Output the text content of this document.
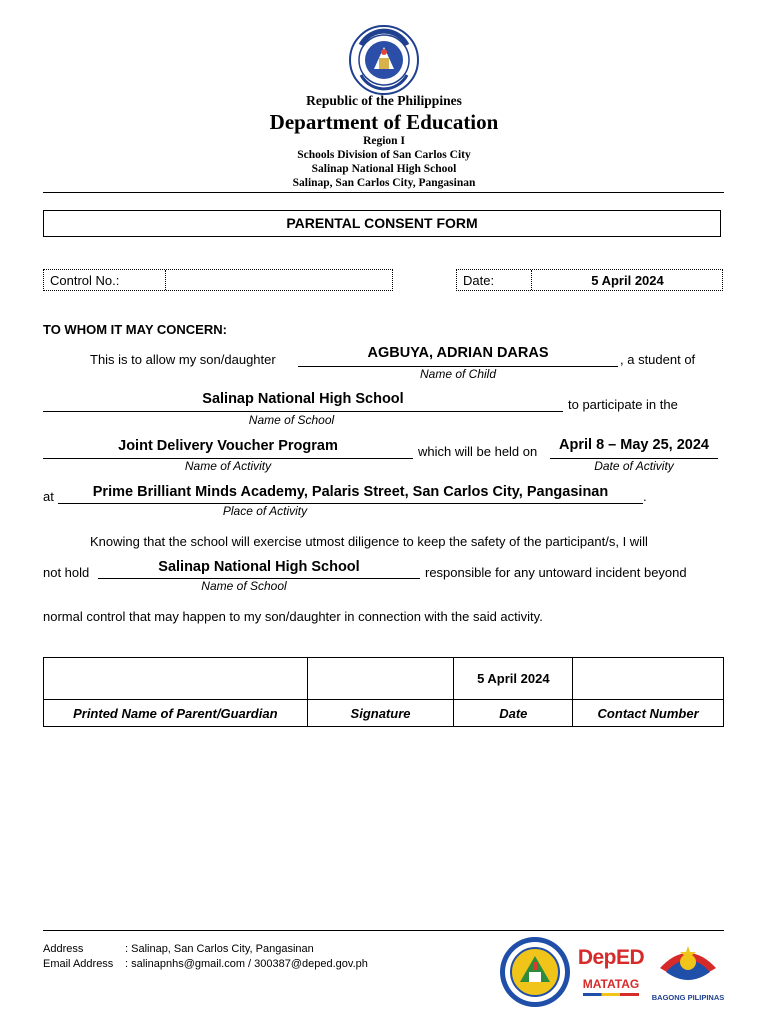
Republic of the Philippines
Department of Education
Region I
Schools Division of San Carlos City
Salinap National High School
Salinap, San Carlos City, Pangasinan
PARENTAL CONSENT FORM
Control No.:	Date:	5 April 2024
TO WHOM IT MAY CONCERN:
This is to allow my son/daughter	AGBUYA, ADRIAN DARAS	, a student of
Name of Child
Salinap National High School	to participate in the
Name of School
Joint Delivery Voucher Program	which will be held on	April 8 – May 25, 2024
Name of Activity	Date of Activity
at	Prime Brilliant Minds Academy, Palaris Street, San Carlos City, Pangasinan	.
Place of Activity
Knowing that the school will exercise utmost diligence to keep the safety of the participant/s, I will
not hold	Salinap National High School	responsible for any untoward incident beyond
Name of School
normal control that may happen to my son/daughter in connection with the said activity.
		5 April 2024	
Printed Name of Parent/Guardian	Signature	Date	Contact Number
Address	: Salinap, San Carlos City, Pangasinan
Email Address : salinapnhs@gmail.com / 300387@deped.gov.ph	DepED
MATATAG
BAGONG PILIPINAS
